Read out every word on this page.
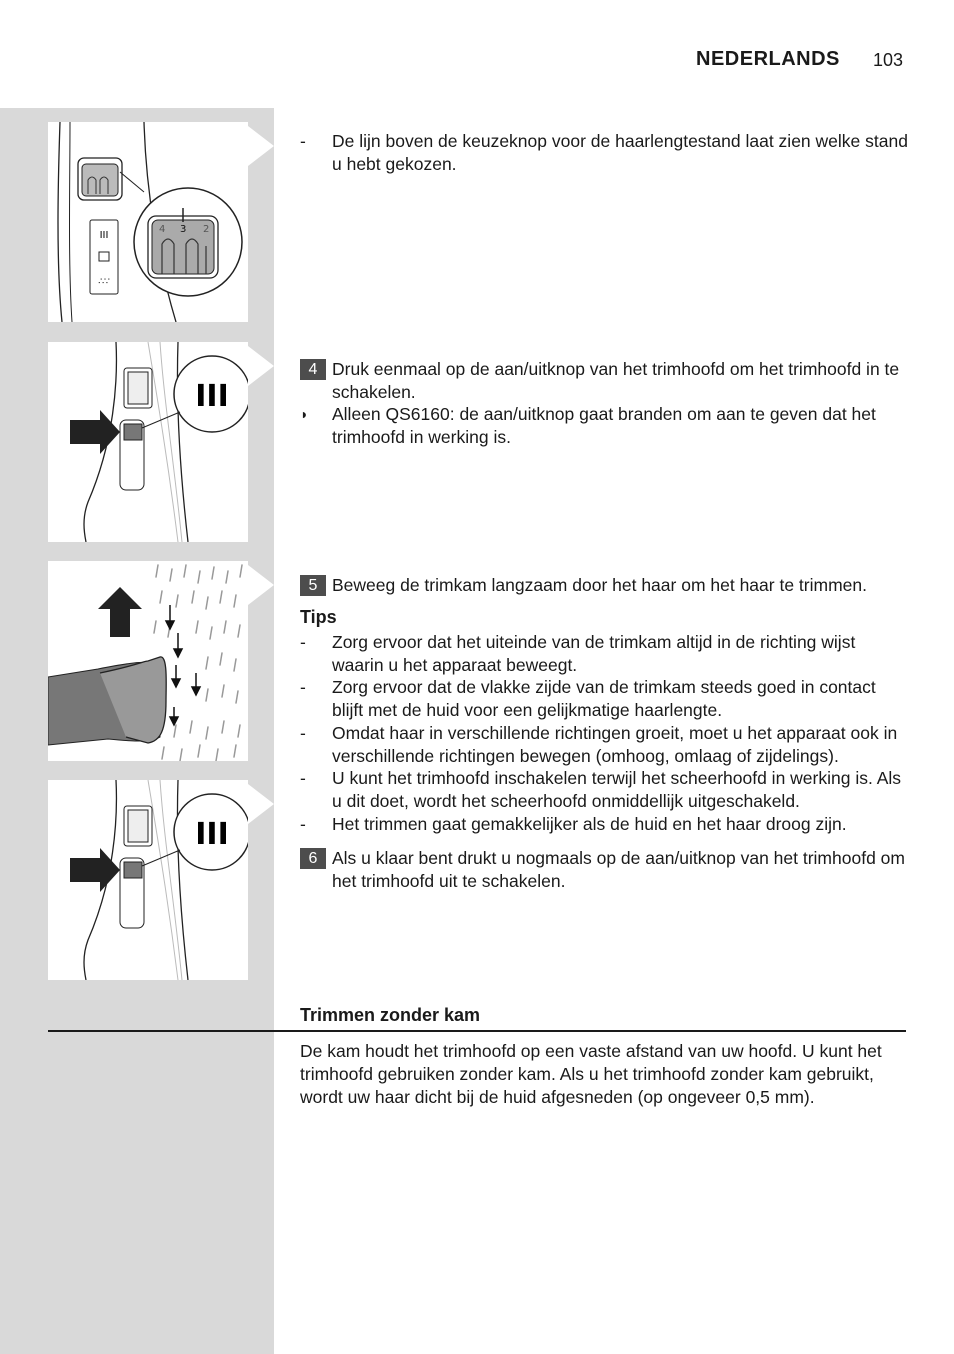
NEDERLANDS 103
III
∴∵
4 3 2
III
III
-	De lijn boven de keuzeknop voor de haarlengtestand laat zien welke stand u hebt gekozen.
4 Druk eenmaal op de aan/uitknop van het trimhoofd om het trimhoofd in te schakelen.
◗	Alleen QS6160: de aan/uitknop gaat branden om aan te geven dat het trimhoofd in werking is.
5 Beweeg de trimkam langzaam door het haar om het haar te trimmen.
Tips
-	Zorg ervoor dat het uiteinde van de trimkam altijd in de richting wijst waarin u het apparaat beweegt.
-	Zorg ervoor dat de vlakke zijde van de trimkam steeds goed in contact blijft met de huid voor een gelijkmatige haarlengte.
-	Omdat haar in verschillende richtingen groeit, moet u het apparaat ook in verschillende richtingen bewegen (omhoog, omlaag of zijdelings).
-	U kunt het trimhoofd inschakelen terwijl het scheerhoofd in werking is. Als u dit doet, wordt het scheerhoofd onmiddellijk uitgeschakeld.
-	Het trimmen gaat gemakkelijker als de huid en het haar droog zijn.
6 Als u klaar bent drukt u nogmaals op de aan/uitknop van het trimhoofd om het trimhoofd uit te schakelen.
Trimmen zonder kam
De kam houdt het trimhoofd op een vaste afstand van uw hoofd. U kunt het trimhoofd gebruiken zonder kam. Als u het trimhoofd zonder kam gebruikt, wordt uw haar dicht bij de huid afgesneden (op ongeveer 0,5 mm).
